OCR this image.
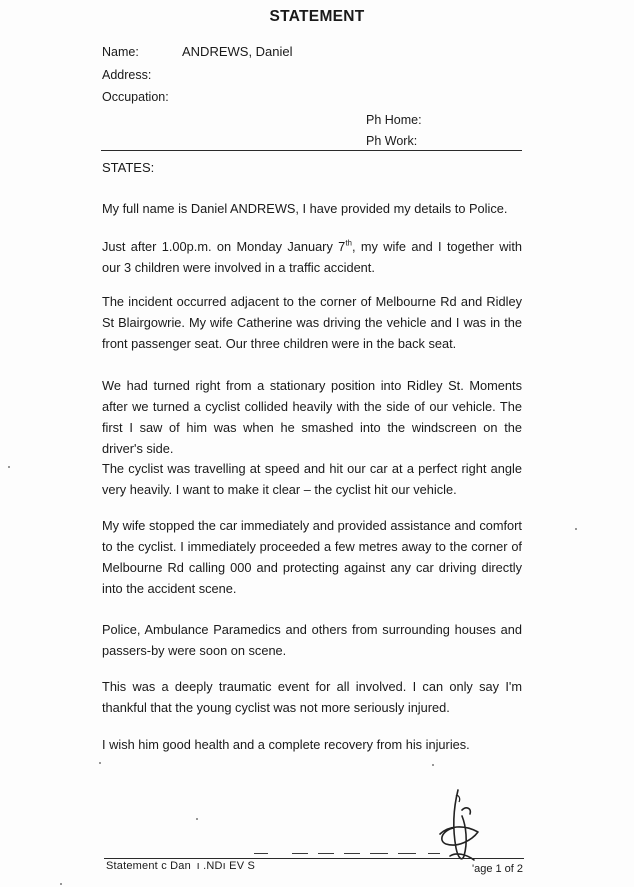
STATEMENT
Name:	ANDREWS, Daniel
Address:
Occupation:
Ph Home:
Ph Work:
STATES:

My full name is Daniel ANDREWS, I have provided my details to Police.

Just after 1.00p.m. on Monday January 7th, my wife and I together with our 3 children were involved in a traffic accident.

The incident occurred adjacent to the corner of Melbourne Rd and Ridley St Blairgowrie. My wife Catherine was driving the vehicle and I was in the front passenger seat. Our three children were in the back seat.

We had turned right from a stationary position into Ridley St. Moments after we turned a cyclist collided heavily with the side of our vehicle. The first I saw of him was when he smashed into the windscreen on the driver's side.

The cyclist was travelling at speed and hit our car at a perfect right angle very heavily. I want to make it clear – the cyclist hit our vehicle.

My wife stopped the car immediately and provided assistance and comfort to the cyclist. I immediately proceeded a few metres away to the corner of Melbourne Rd calling 000 and protecting against any car driving directly into the accident scene.

Police, Ambulance Paramedics and others from surrounding houses and passers-by were soon on scene.

This was a deeply traumatic event for all involved. I can only say I'm thankful that the young cyclist was not more seriously injured.

I wish him good health and a complete recovery from his injuries.

Statement ϲ Dan  ı .ΝDı ΕV S	'age 1 of 2
